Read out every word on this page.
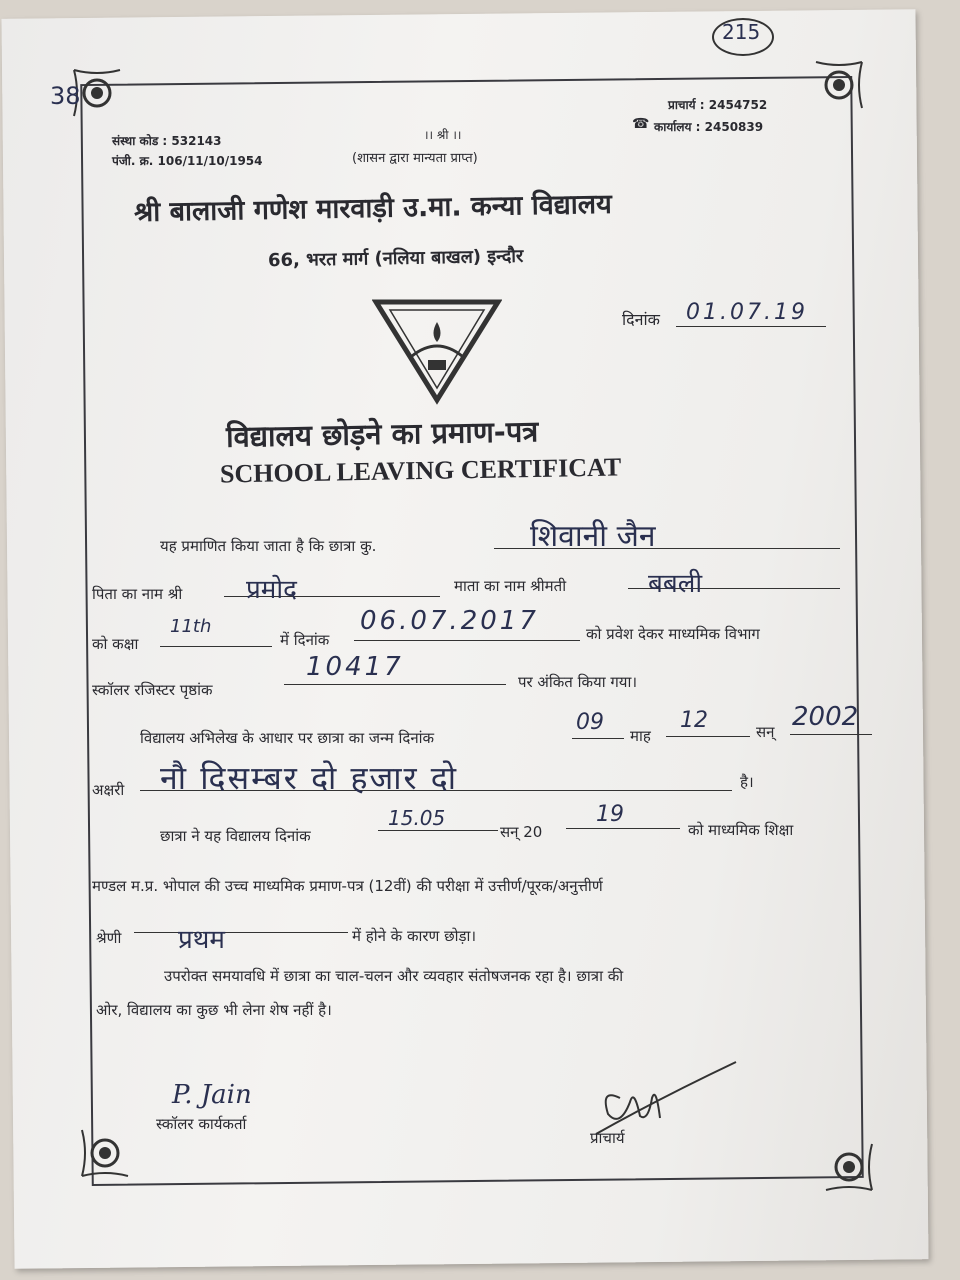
38
215
संस्था कोड : 532143
पंजी. क्र. 106/11/10/1954
।। श्री ।।
(शासन द्वारा मान्यता प्राप्त)
प्राचार्य : 2454752
☎ कार्यालय : 2450839
श्री बालाजी गणेश मारवाड़ी उ.मा. कन्या विद्यालय
66, भरत मार्ग (नलिया बाखल) इन्दौर
दिनांक 01.07.19
विद्यालय छोड़ने का प्रमाण-पत्र
SCHOOL LEAVING CERTIFICAT
यह प्रमाणित किया जाता है कि छात्रा कु.	शिवानी जैन
पिता का नाम श्री प्रमोद	माता का नाम श्रीमती	बबली
को कक्षा
11th
में दिनांक
06.07.2017	को प्रवेश देकर माध्यमिक विभाग
स्कॉलर रजिस्टर पृष्ठांक
10417	पर अंकित किया गया।
विद्यालय अभिलेख के आधार पर छात्रा का जन्म दिनांक
09
माह
12	सन् 2002
अक्षरी नौ दिसम्बर दो हजार दो	है।
छात्रा ने यह विद्यालय दिनांक
15.05
सन् 20
19
को माध्यमिक शिक्षा
मण्डल म.प्र. भोपाल की उच्च माध्यमिक प्रमाण-पत्र (12वीं) की परीक्षा में उत्तीर्ण/पूरक/अनुत्तीर्ण
श्रेणी प्रथम	में होने के कारण छोड़ा।
उपरोक्त समयावधि में छात्रा का चाल-चलन और व्यवहार संतोषजनक रहा है। छात्रा की
ओर, विद्यालय का कुछ भी लेना शेष नहीं है।
P. Jain
स्कॉलर कार्यकर्ता
प्राचार्य
